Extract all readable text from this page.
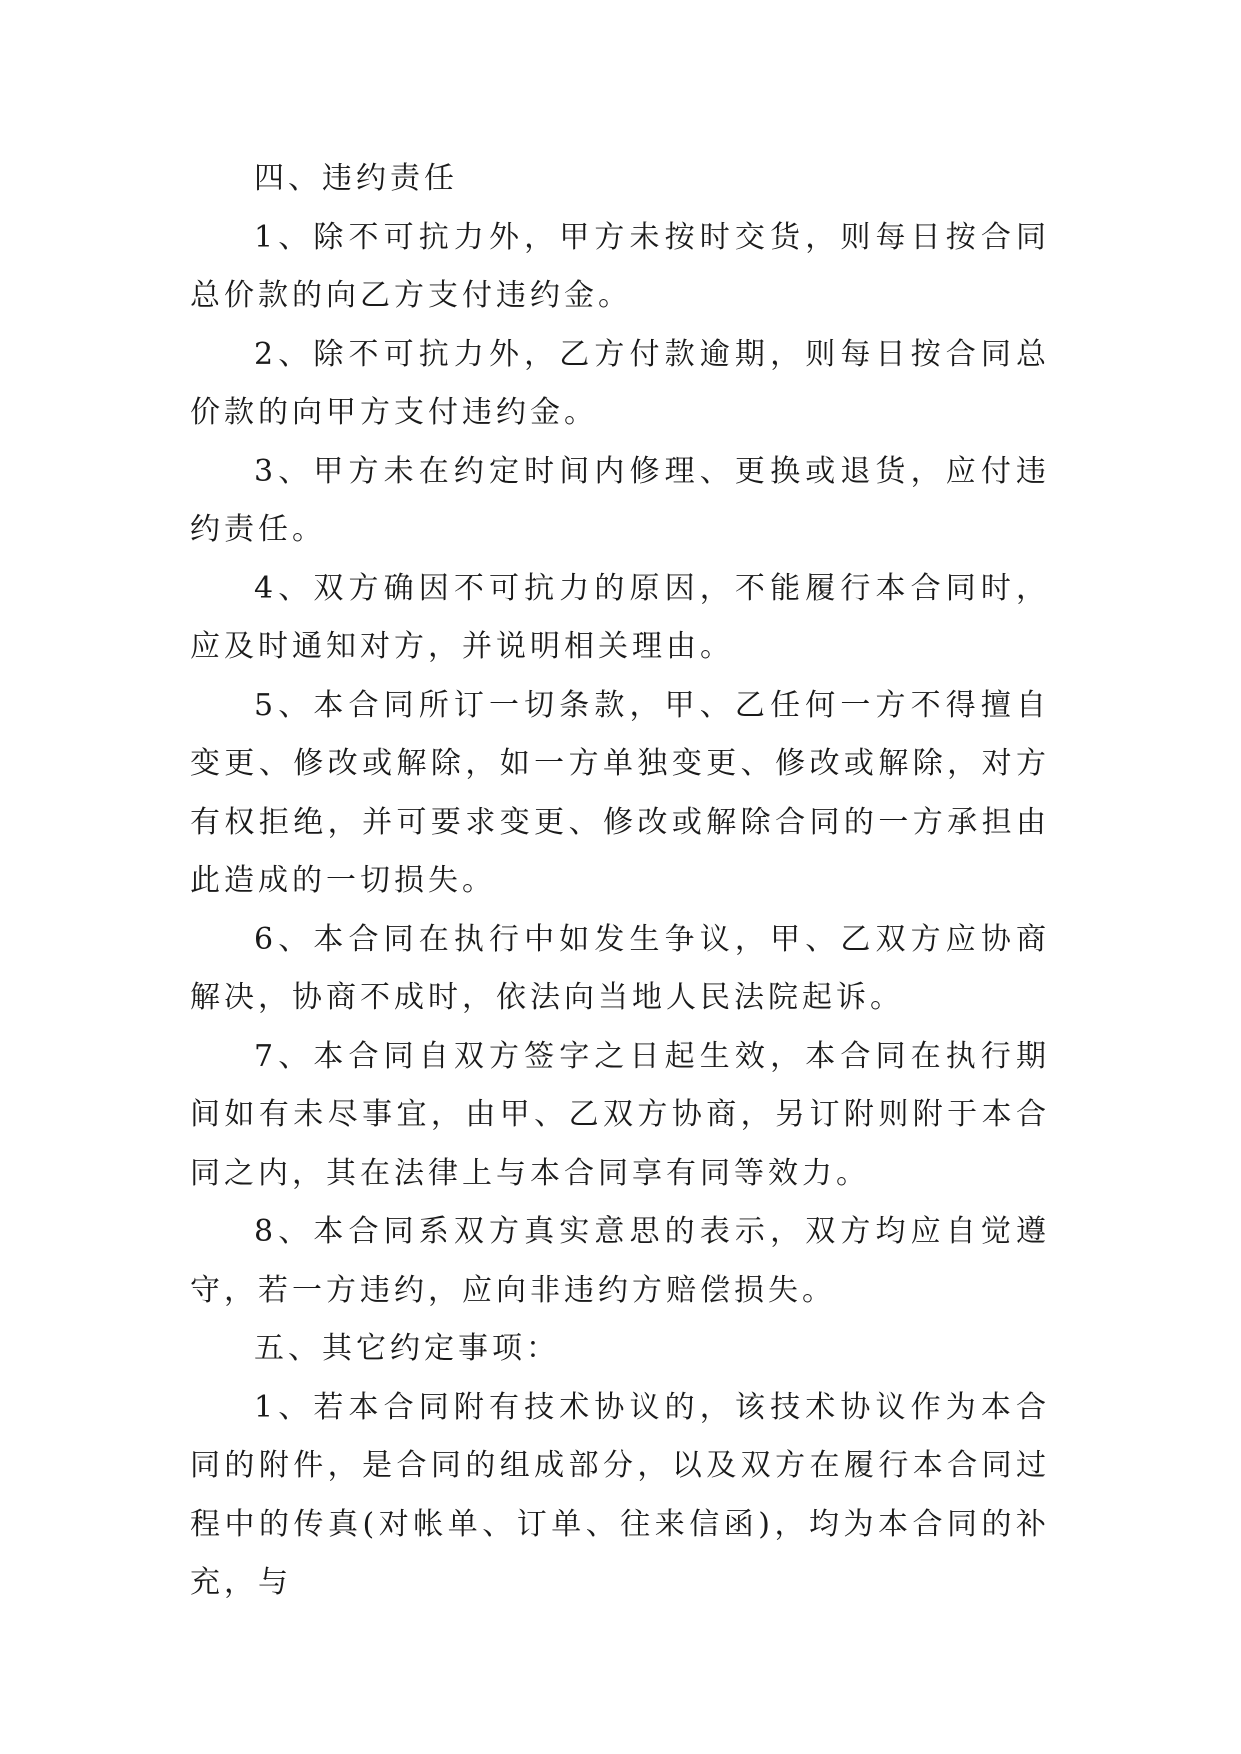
四、违约责任

1、除不可抗力外，甲方未按时交货，则每日按合同总价款的向乙方支付违约金。

2、除不可抗力外，乙方付款逾期，则每日按合同总价款的向甲方支付违约金。

3、甲方未在约定时间内修理、更换或退货，应付违约责任。

4、双方确因不可抗力的原因，不能履行本合同时，应及时通知对方，并说明相关理由。

5、本合同所订一切条款，甲、乙任何一方不得擅自变更、修改或解除，如一方单独变更、修改或解除，对方有权拒绝，并可要求变更、修改或解除合同的一方承担由此造成的一切损失。

6、本合同在执行中如发生争议，甲、乙双方应协商解决，协商不成时，依法向当地人民法院起诉。

7、本合同自双方签字之日起生效，本合同在执行期间如有未尽事宜，由甲、乙双方协商，另订附则附于本合同之内，其在法律上与本合同享有同等效力。

8、本合同系双方真实意思的表示，双方均应自觉遵守，若一方违约，应向非违约方赔偿损失。

五、其它约定事项：

1、若本合同附有技术协议的，该技术协议作为本合同的附件，是合同的组成部分，以及双方在履行本合同过程中的传真(对帐单、订单、往来信函)，均为本合同的补充，与
